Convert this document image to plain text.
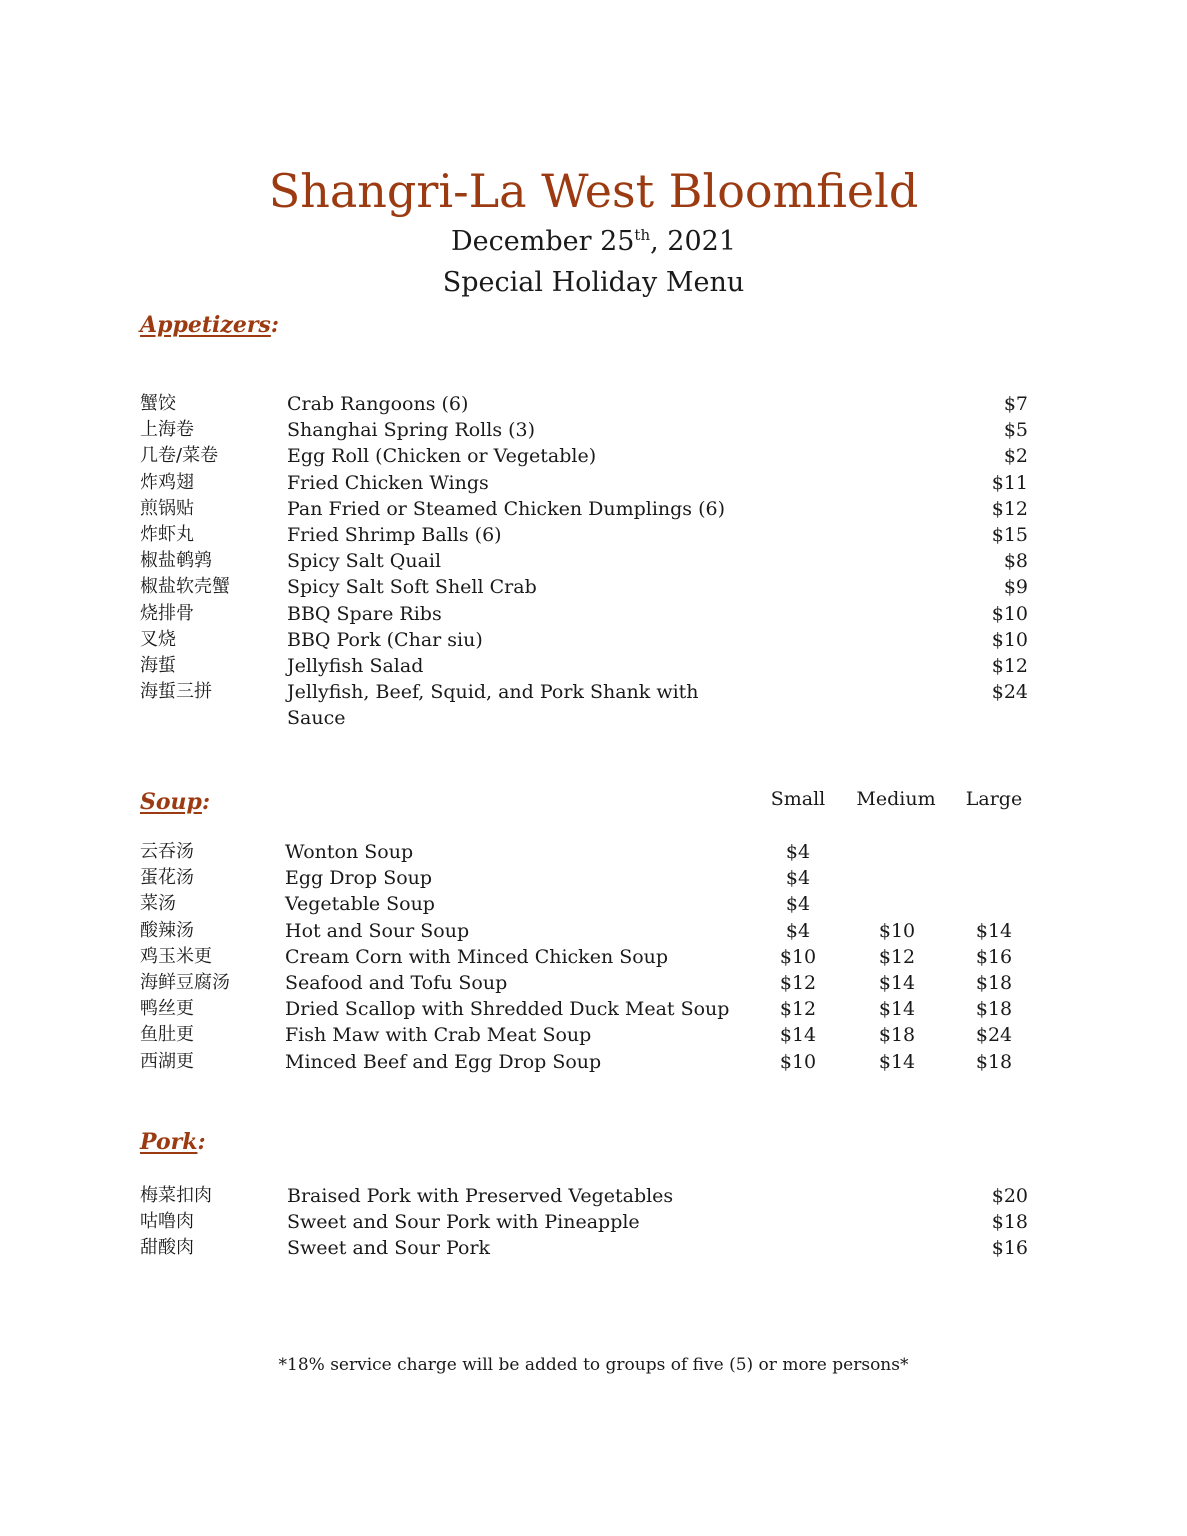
Shangri-La West Bloomfield
December 25th, 2021
Special Holiday Menu
Appetizers:
蟹饺	Crab Rangoons (6)	$7
上海卷	Shanghai Spring Rolls (3)	$5
几卷/菜卷	Egg Roll (Chicken or Vegetable)	$2
炸鸡翅	Fried Chicken Wings	$11
煎锅贴	Pan Fried or Steamed Chicken Dumplings (6)	$12
炸虾丸	Fried Shrimp Balls (6)	$15
椒盐鹌鹑	Spicy Salt Quail	$8
椒盐软壳蟹	Spicy Salt Soft Shell Crab	$9
烧排骨	BBQ Spare Ribs	$10
叉烧	BBQ Pork (Char siu)	$10
海蜇	Jellyfish Salad	$12
海蜇三拼	Jellyfish, Beef, Squid, and Pork Shank with Sauce
$24
Soup:	Small	Medium	Large
云吞汤	Wonton Soup	$4
蛋花汤	Egg Drop Soup	$4
菜汤	Vegetable Soup	$4
酸辣汤	Hot and Sour Soup	$4	$10	$14
鸡玉米更	Cream Corn with Minced Chicken Soup	$10	$12	$16
海鲜豆腐汤	Seafood and Tofu Soup	$12	$14	$18
鸭丝更	Dried Scallop with Shredded Duck Meat Soup	$12	$14	$18
鱼肚更	Fish Maw with Crab Meat Soup	$14	$18	$24
西湖更	Minced Beef and Egg Drop Soup	$10	$14	$18
Pork:
梅菜扣肉	Braised Pork with Preserved Vegetables	$20
咕噜肉	Sweet and Sour Pork with Pineapple	$18
甜酸肉	Sweet and Sour Pork	$16
*18% service charge will be added to groups of five (5) or more persons*
